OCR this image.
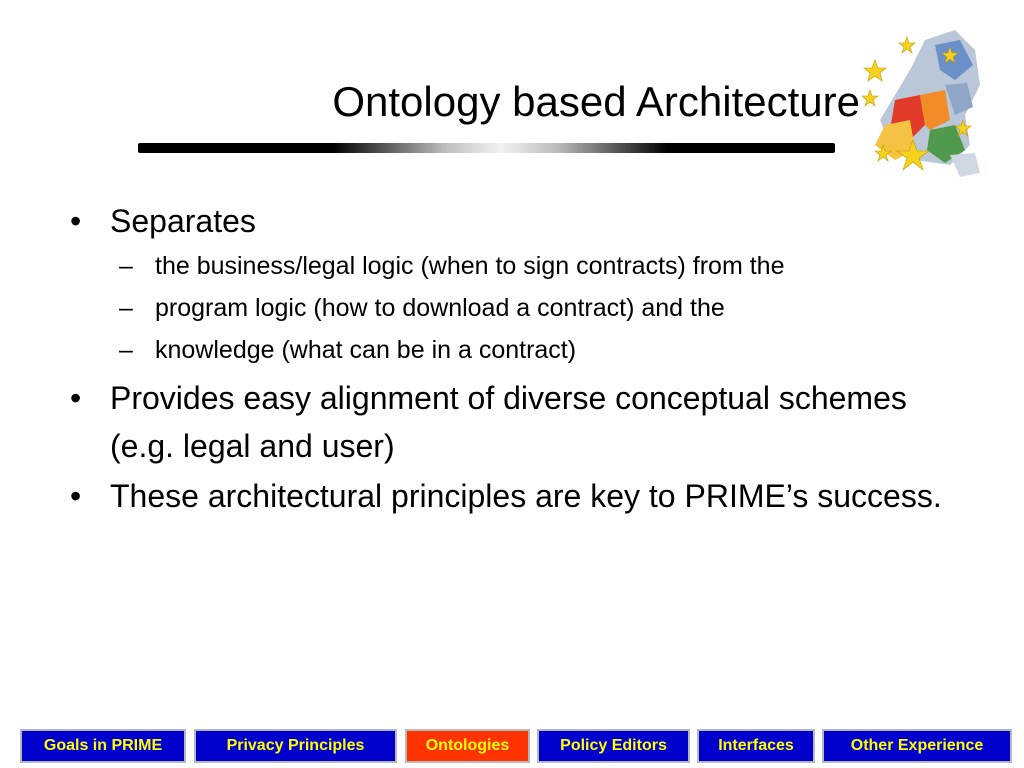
Ontology based Architecture
• Separates
– the business/legal logic (when to sign contracts) from the
– program logic (how to download a contract) and the
– knowledge (what can be in a contract)
• Provides easy alignment of diverse conceptual schemes (e.g. legal and user)
• These architectural principles are key to PRIME’s success.
Goals in PRIME	Privacy Principles	Ontologies	Policy Editors	Interfaces	Other Experience
